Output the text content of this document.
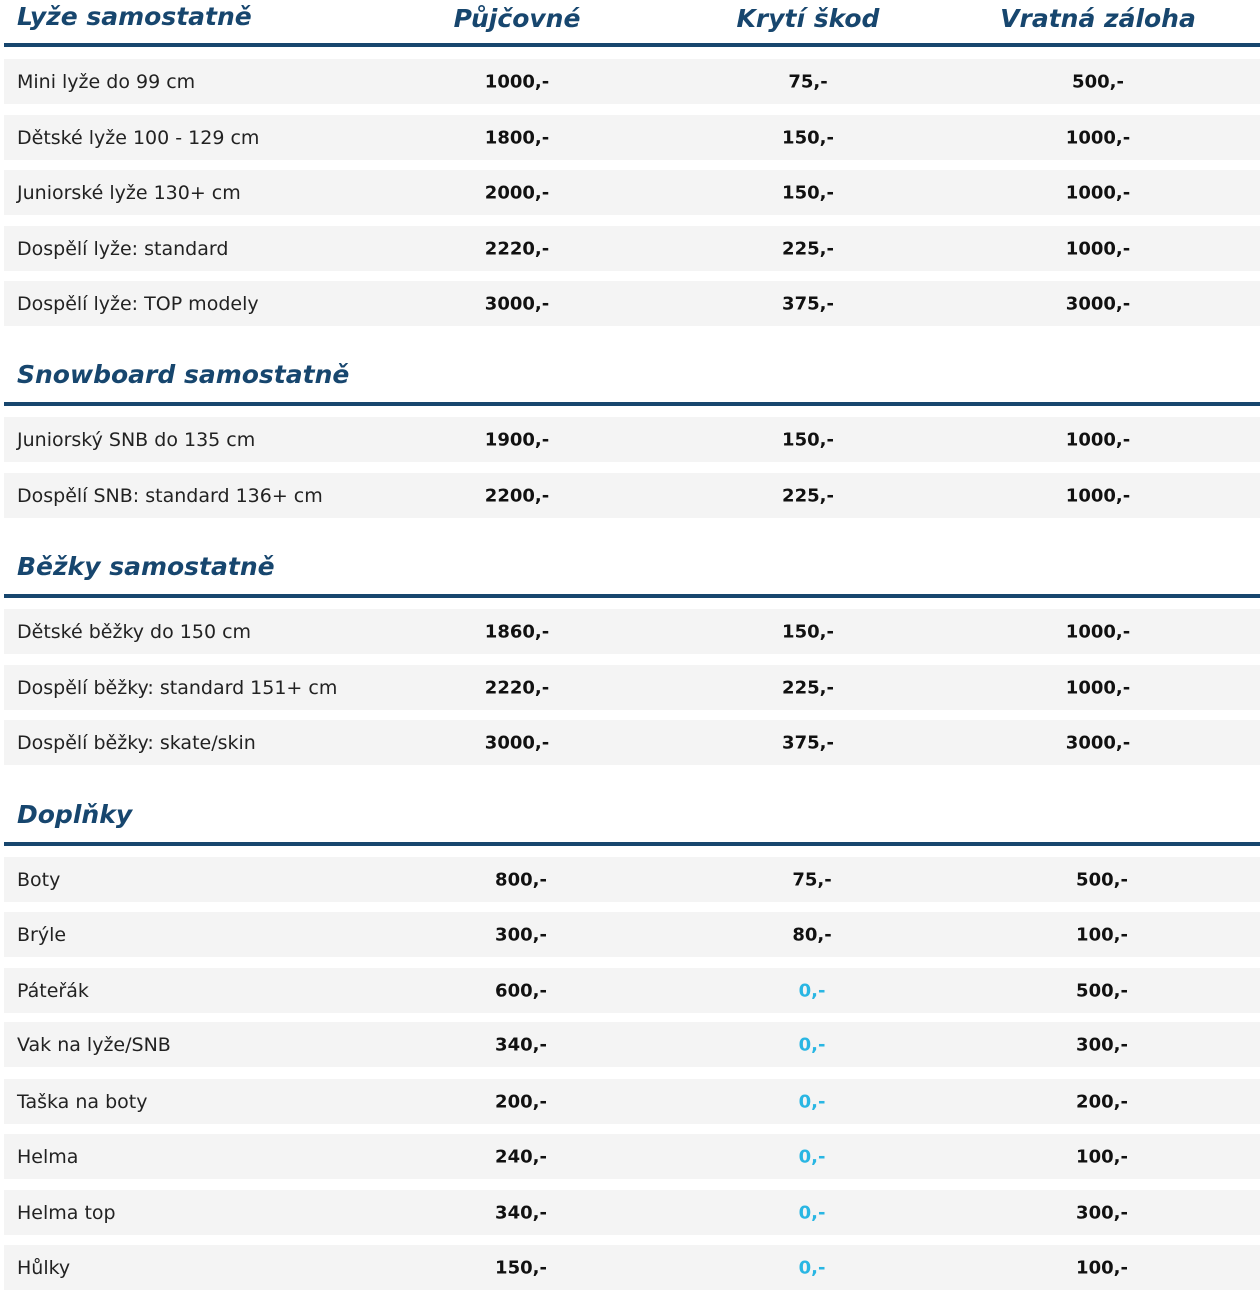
Lyže samostatně	Půjčovné	Krytí škod	Vratná záloha
Mini lyže do 99 cm	1000,-	75,-	500,-
Dětské lyže 100 - 129 cm	1800,-	150,-	1000,-
Juniorské lyže 130+ cm	2000,-	150,-	1000,-
Dospělí lyže: standard	2220,-	225,-	1000,-
Dospělí lyže: TOP modely	3000,-	375,-	3000,-
Snowboard samostatně
Juniorský SNB do 135 cm	1900,-	150,-	1000,-
Dospělí SNB: standard 136+ cm	2200,-	225,-	1000,-
Běžky samostatně
Dětské běžky do 150 cm	1860,-	150,-	1000,-
Dospělí běžky: standard 151+ cm	2220,-	225,-	1000,-
Dospělí běžky: skate/skin	3000,-	375,-	3000,-
Doplňky
Boty	800,-	75,-	500,-
Brýle	300,-	80,-	100,-
Páteřák	600,-	0,-	500,-
Vak na lyže/SNB	340,-	0,-	300,-
Taška na boty	200,-	0,-	200,-
Helma	240,-	0,-	100,-
Helma top	340,-	0,-	300,-
Hůlky	150,-	0,-	100,-
